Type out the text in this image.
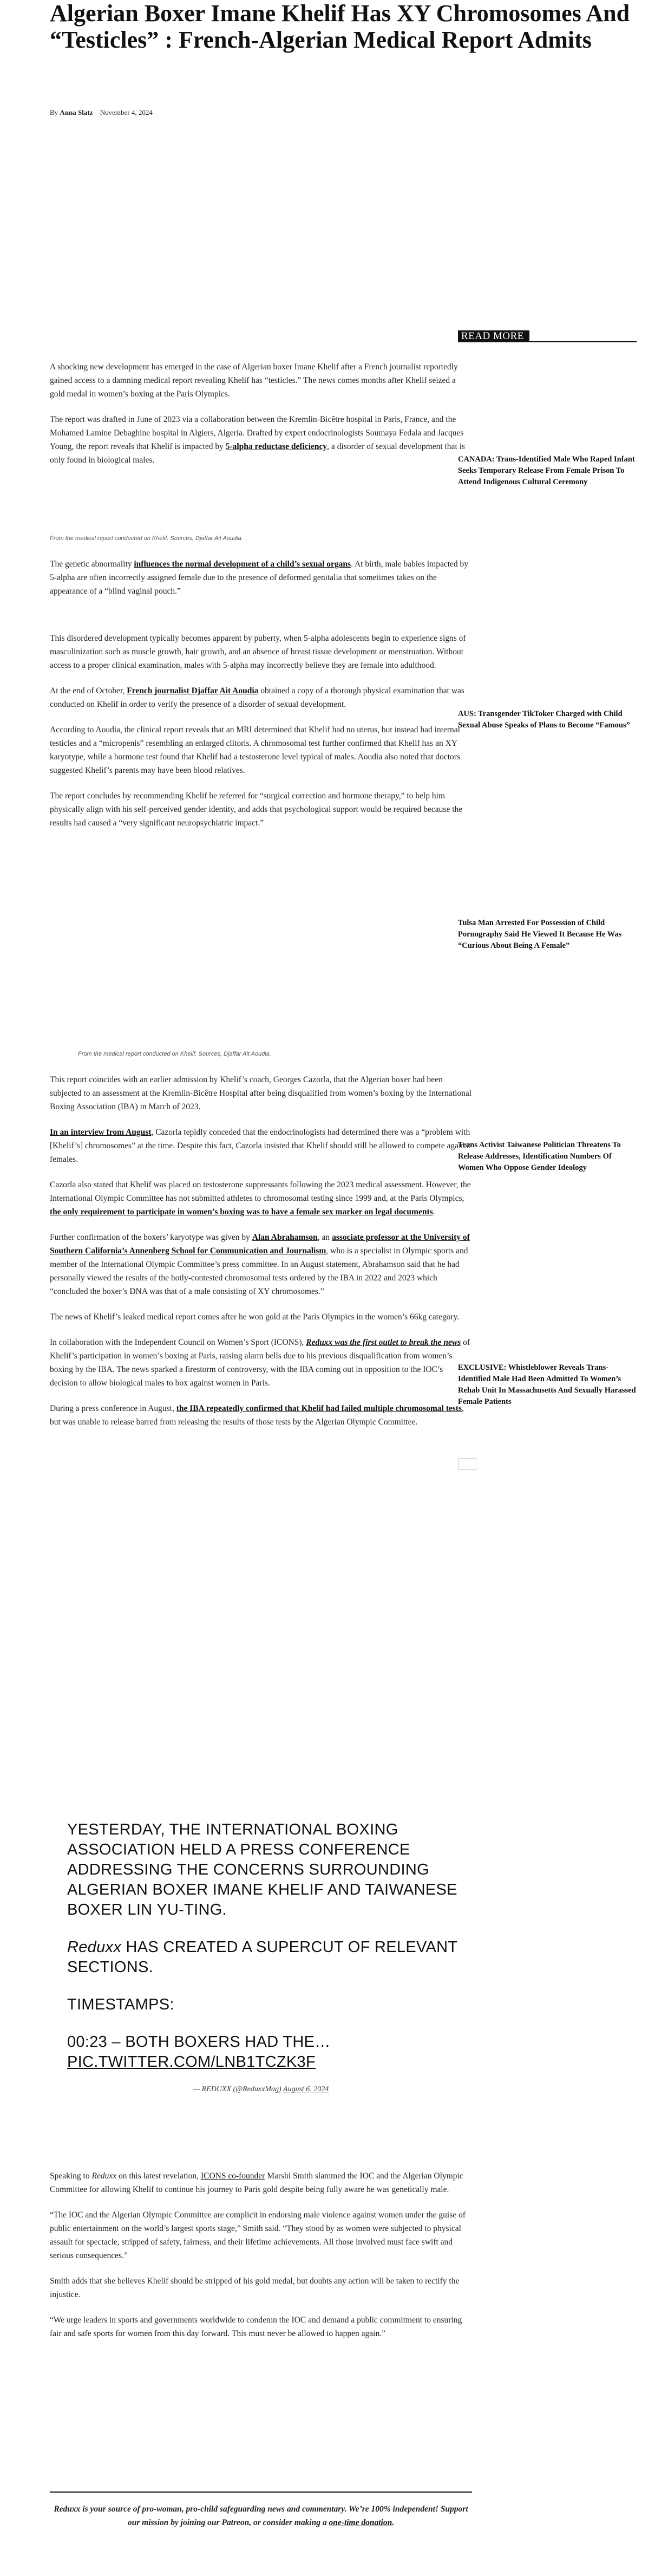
Algerian Boxer Imane Khelif Has XY Chromosomes And “Testicles” : French-Algerian Medical Report Admits
By Anna Slatz November 4, 2024
READ MORE
CANADA: Trans-Identified Male Who Raped Infant Seeks Temporary Release From Female Prison To Attend Indigenous Cultural Ceremony
AUS: Transgender TikToker Charged with Child Sexual Abuse Speaks of Plans to Become “Famous”
Tulsa Man Arrested For Possession of Child Pornography Said He Viewed It Because He Was “Curious About Being A Female”
Trans Activist Taiwanese Politician Threatens To Release Addresses, Identification Numbers Of Women Who Oppose Gender Ideology
EXCLUSIVE: Whistleblower Reveals Trans-Identified Male Had Been Admitted To Women’s Rehab Unit In Massachusetts And Sexually Harassed Female Patients

A shocking new development has emerged in the case of Algerian boxer Imane Khelif after a French journalist reportedly gained access to a damning medical report revealing Khelif has “testicles.” The news comes months after Khelif seized a gold medal in women’s boxing at the Paris Olympics.

The report was drafted in June of 2023 via a collaboration between the Kremlin-Bicêtre hospital in Paris, France, and the Mohamed Lamine Debaghine hospital in Algiers, Algeria. Drafted by expert endocrinologists Soumaya Fedala and Jacques Young, the report reveals that Khelif is impacted by 5-alpha reductase deficiency, a disorder of sexual development that is only found in biological males.

From the medical report conducted on Khelif. Sources, Djaffar Ait Aoudia.

The genetic abnormality influences the normal development of a child’s sexual organs. At birth, male babies impacted by 5-alpha are often incorrectly assigned female due to the presence of deformed genitalia that sometimes takes on the appearance of a “blind vaginal pouch.”

This disordered development typically becomes apparent by puberty, when 5-alpha adolescents begin to experience signs of masculinization such as muscle growth, hair growth, and an absence of breast tissue development or menstruation. Without access to a proper clinical examination, males with 5-alpha may incorrectly believe they are female into adulthood.

At the end of October, French journalist Djaffar Ait Aoudia obtained a copy of a thorough physical examination that was conducted on Khelif in order to verify the presence of a disorder of sexual development.

According to Aoudia, the clinical report reveals that an MRI determined that Khelif had no uterus, but instead had internal testicles and a “micropenis” resembling an enlarged clitoris. A chromosomal test further confirmed that Khelif has an XY karyotype, while a hormone test found that Khelif had a testosterone level typical of males. Aoudia also noted that doctors suggested Khelif’s parents may have been blood relatives.

The report concludes by recommending Khelif be referred for “surgical correction and hormone therapy,” to help him physically align with his self-perceived gender identity, and adds that psychological support would be required because the results had caused a “very significant neuropsychiatric impact.”

From the medical report conducted on Khelif. Sources, Djaffar Ait Aoudia.

This report coincides with an earlier admission by Khelif’s coach, Georges Cazorla, that the Algerian boxer had been subjected to an assessment at the Kremlin-Bicêtre Hospital after being disqualified from women’s boxing by the International Boxing Association (IBA) in March of 2023.

In an interview from August, Cazorla tepidly conceded that the endocrinologists had determined there was a “problem with [Khelif’s] chromosomes” at the time. Despite this fact, Cazorla insisted that Khelif should still be allowed to compete against females.

Cazorla also stated that Khelif was placed on testosterone suppressants following the 2023 medical assessment. However, the International Olympic Committee has not submitted athletes to chromosomal testing since 1999 and, at the Paris Olympics, the only requirement to participate in women’s boxing was to have a female sex marker on legal documents.

Further confirmation of the boxers’ karyotype was given by Alan Abrahamson, an associate professor at the University of Southern California’s Annenberg School for Communication and Journalism, who is a specialist in Olympic sports and member of the International Olympic Committee’s press committee. In an August statement, Abrahamson said that he had personally viewed the results of the hotly-contested chromosomal tests ordered by the IBA in 2022 and 2023 which “concluded the boxer’s DNA was that of a male consisting of XY chromosomes.”

The news of Khelif’s leaked medical report comes after he won gold at the Paris Olympics in the women’s 66kg category.

In collaboration with the Independent Council on Women’s Sport (ICONS), Reduxx was the first outlet to break the news of Khelif’s participation in women’s boxing at Paris, raising alarm bells due to his previous disqualification from women’s boxing by the IBA. The news sparked a firestorm of controversy, with the IBA coming out in opposition to the IOC’s decision to allow biological males to box against women in Paris.

During a press conference in August, the IBA repeatedly confirmed that Khelif had failed multiple chromosomal tests, but was unable to release barred from releasing the results of those tests by the Algerian Olympic Committee.

YESTERDAY, THE INTERNATIONAL BOXING ASSOCIATION HELD A PRESS CONFERENCE ADDRESSING THE CONCERNS SURROUNDING ALGERIAN BOXER IMANE KHELIF AND TAIWANESE BOXER LIN YU-TING.

Reduxx HAS CREATED A SUPERCUT OF RELEVANT SECTIONS.

TIMESTAMPS:

00:23 – BOTH BOXERS HAD THE…
PIC.TWITTER.COM/LNB1TCZK3F

— REDUXX (@ReduxxMag) August 6, 2024

Speaking to Reduxx on this latest revelation, ICONS co-founder Marshi Smith slammed the IOC and the Algerian Olympic Committee for allowing Khelif to continue his journey to Paris gold despite being fully aware he was genetically male.

“The IOC and the Algerian Olympic Committee are complicit in endorsing male violence against women under the guise of public entertainment on the world’s largest sports stage,” Smith said. “They stood by as women were subjected to physical assault for spectacle, stripped of safety, fairness, and their lifetime achievements. All those involved must face swift and serious consequences.”

Smith adds that she believes Khelif should be stripped of his gold medal, but doubts any action will be taken to rectify the injustice.

“We urge leaders in sports and governments worldwide to condemn the IOC and demand a public commitment to ensuring fair and safe sports for women from this day forward. This must never be allowed to happen again.”

Reduxx is your source of pro-woman, pro-child safeguarding news and commentary. We’re 100% independent! Support our mission by joining our Patreon, or consider making a one-time donation.
